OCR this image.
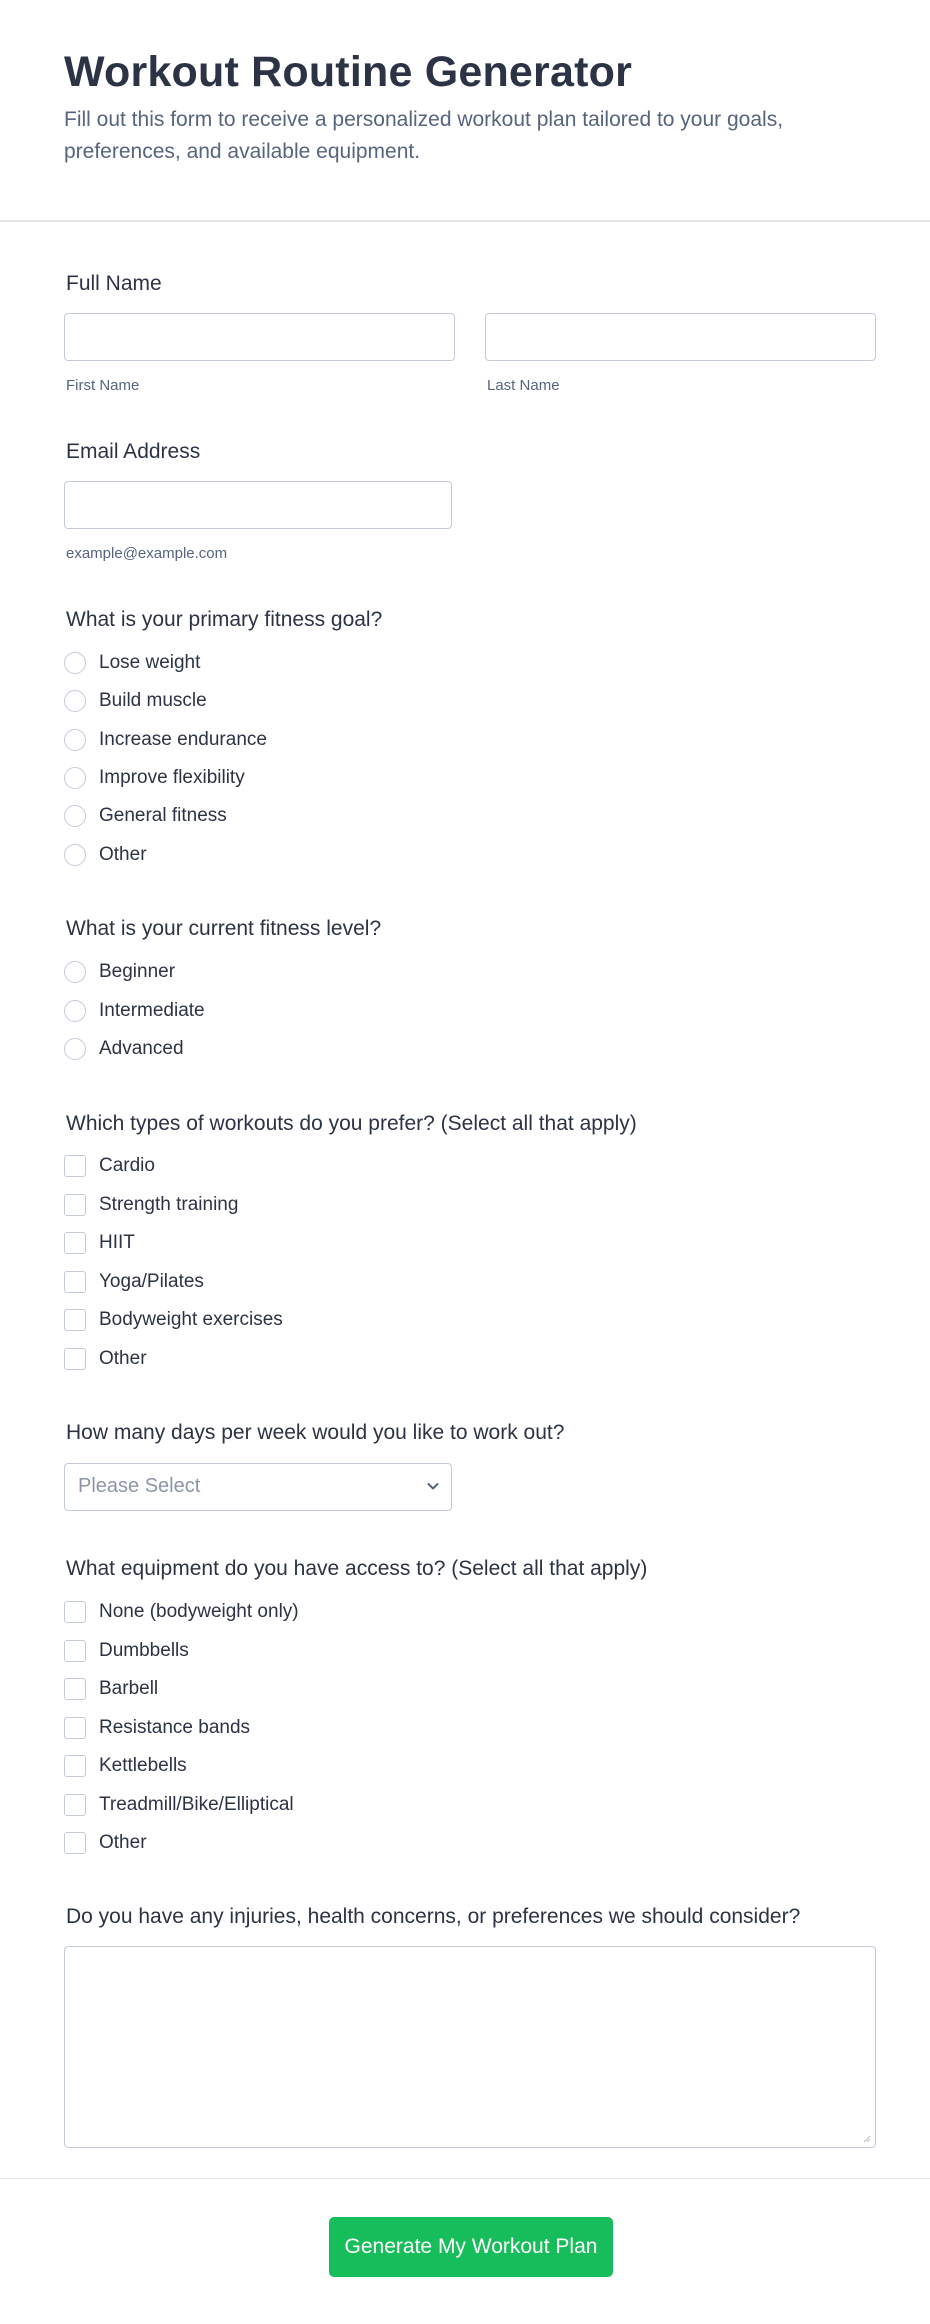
Workout Routine Generator

Fill out this form to receive a personalized workout plan tailored to your goals, preferences, and available equipment.

Full Name
First Name	Last Name
Email Address
example@example.com
What is your primary fitness goal?
Lose weight
Build muscle
Increase endurance
Improve flexibility
General fitness
Other
What is your current fitness level?
Beginner
Intermediate
Advanced
Which types of workouts do you prefer? (Select all that apply)
Cardio
Strength training
HIIT
Yoga/Pilates
Bodyweight exercises
Other
How many days per week would you like to work out?
Please Select
What equipment do you have access to? (Select all that apply)
None (bodyweight only)
Dumbbells
Barbell
Resistance bands
Kettlebells
Treadmill/Bike/Elliptical
Other
Do you have any injuries, health concerns, or preferences we should consider?
Generate My Workout Plan
